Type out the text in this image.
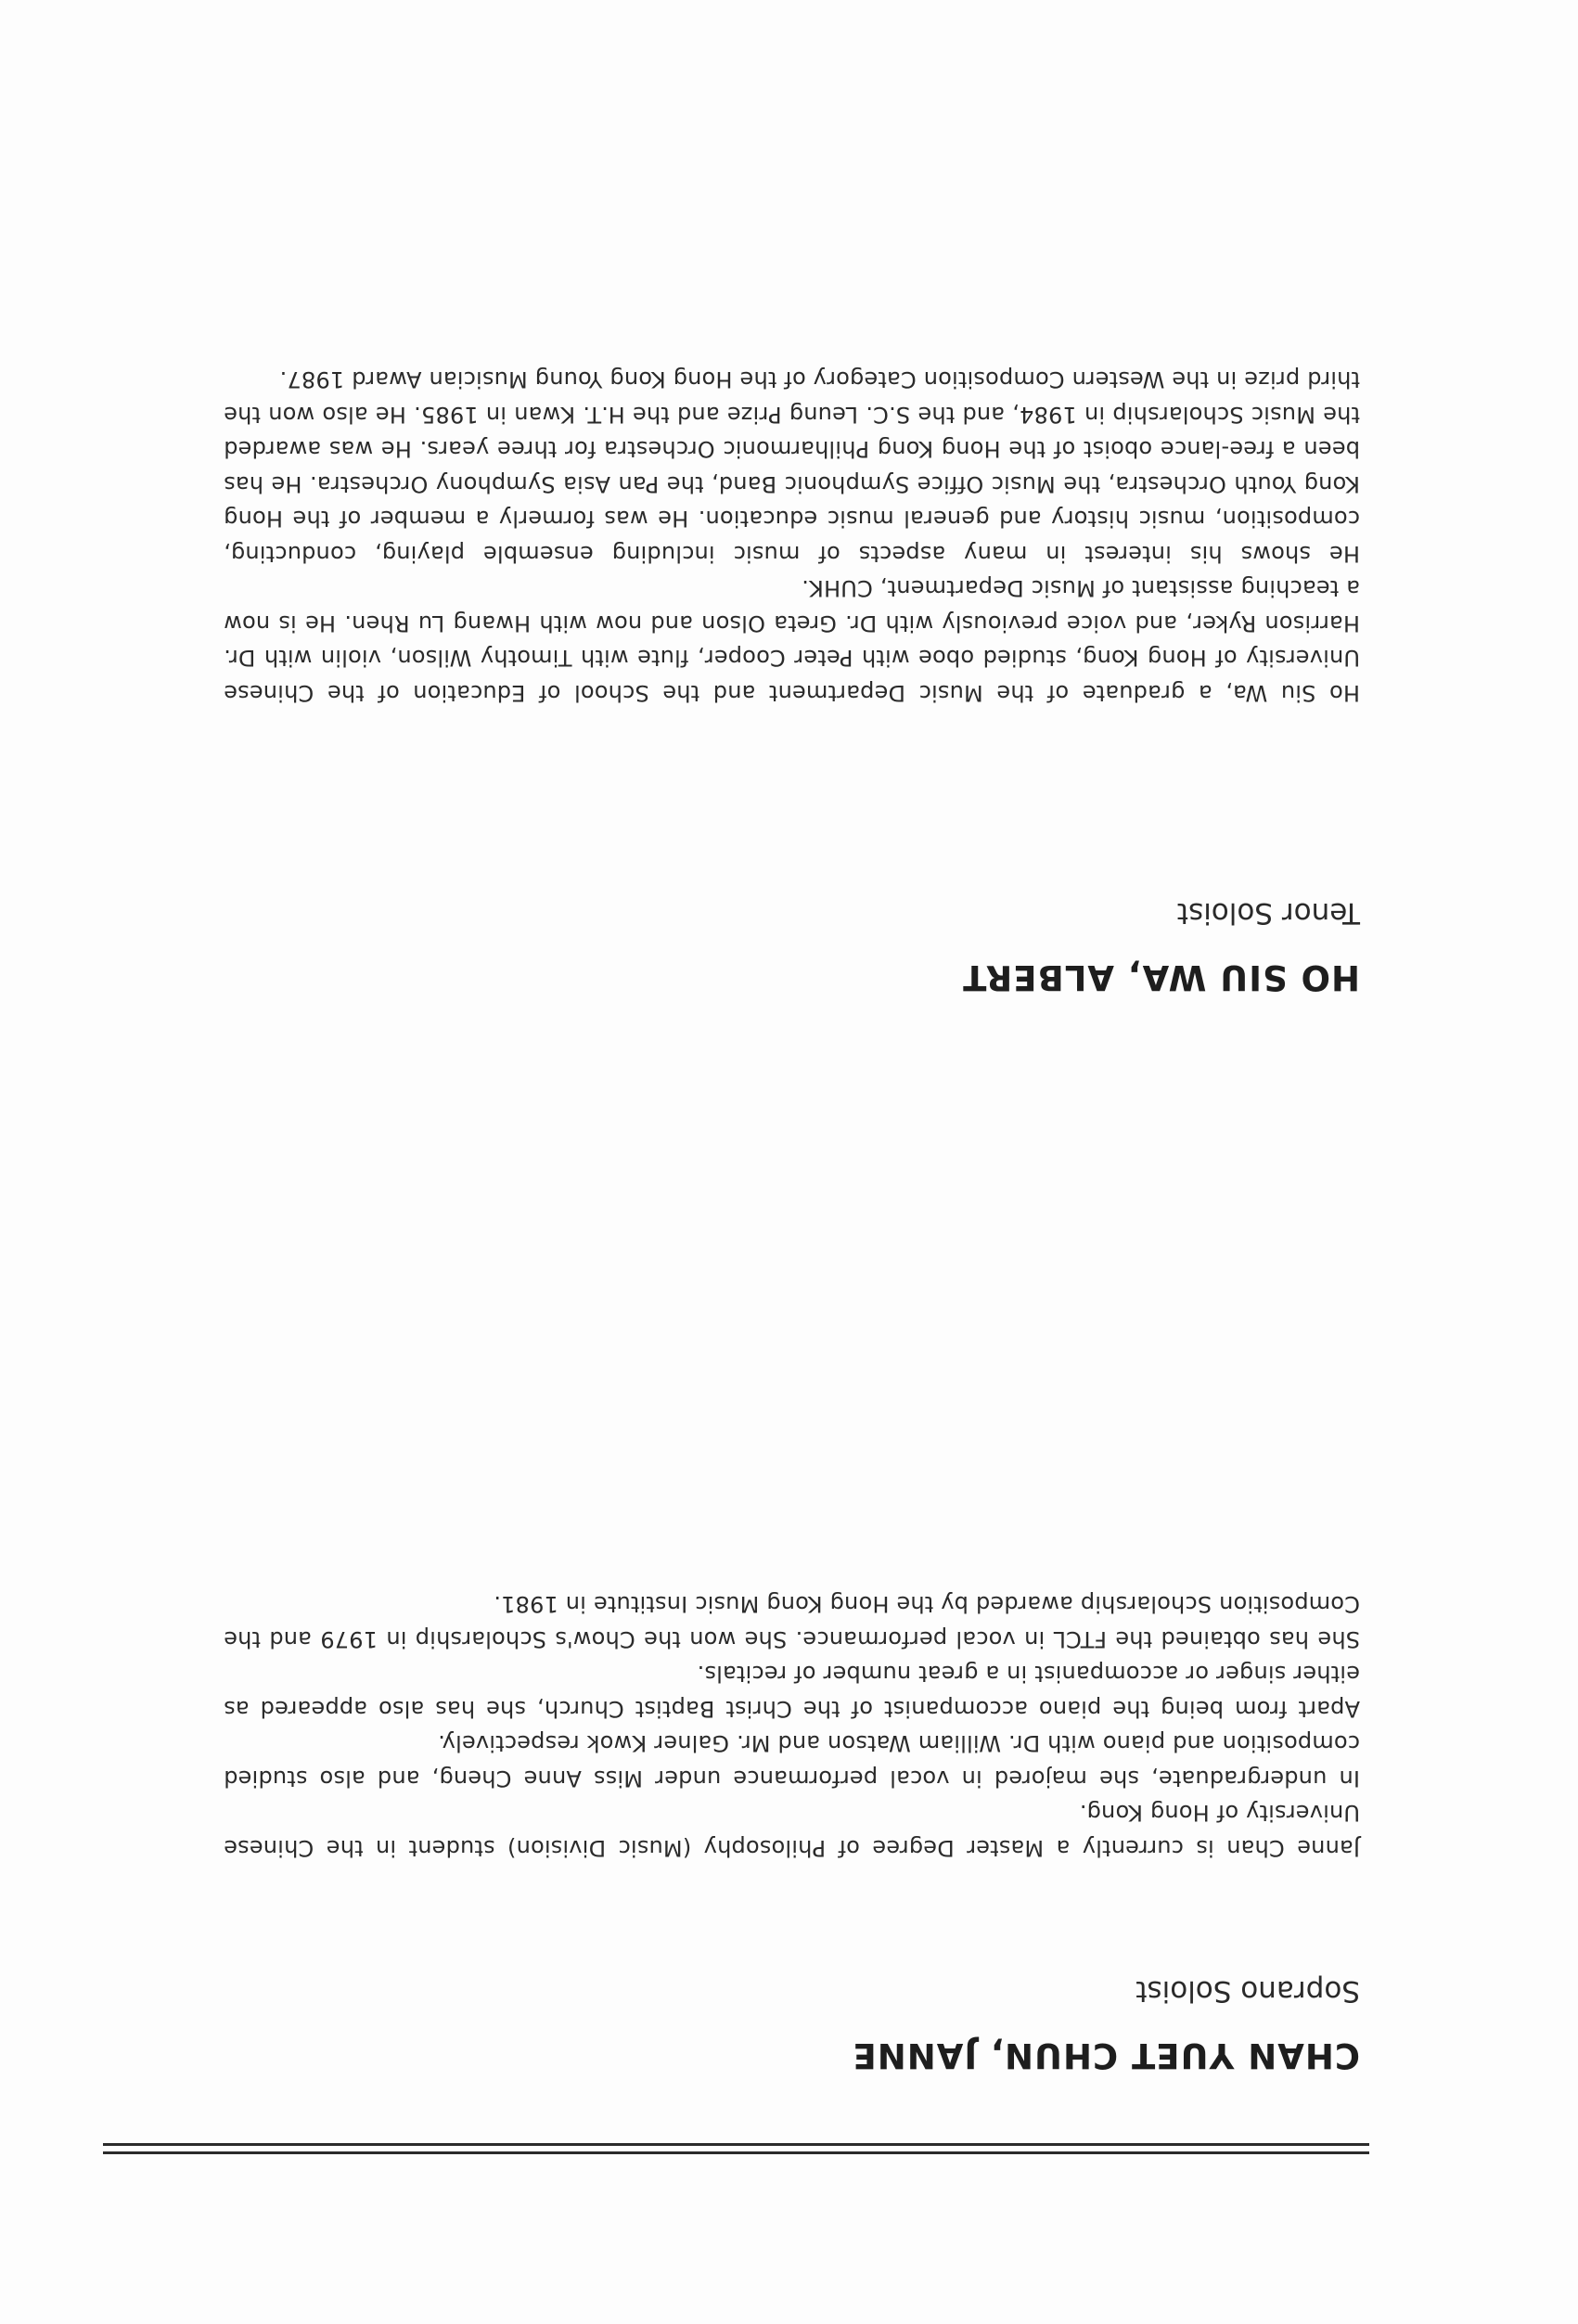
CHAN YUET CHUN, JANNE

Soprano Soloist

Janne Chan is currently a Master Degree of Philosophy (Music Division) student in the Chinese University of Hong Kong.

In undergraduate, she majored in vocal performance under Miss Anne Cheng, and also studied composition and piano with Dr. William Watson and Mr. Galner Kwok respectively.

Apart from being the piano accompanist of the Christ Baptist Church, she has also appeared as either singer or accompanist in a great number of recitals.

She has obtained the FTCL in vocal performance. She won the Chow's Scholarship in 1979 and the Composition Scholarship awarded by the Hong Kong Music Institute in 1981.

HO SIU WA, ALBERT

Tenor Soloist

Ho Siu Wa, a graduate of the Music Department and the School of Education of the Chinese University of Hong Kong, studied oboe with Peter Cooper, flute with Timothy Wilson, violin with Dr. Harrison Ryker, and voice previously with Dr. Greta Olson and now with Hwang Lu Rhen. He is now a teaching assistant of Music Department, CUHK.

He shows his interest in many aspects of music including ensemble playing, conducting, composition, music history and general music education. He was formerly a member of the Hong Kong Youth Orchestra, the Music Office Symphonic Band, the Pan Asia Symphony Orchestra. He has been a free-lance oboist of the Hong Kong Philharmonic Orchestra for three years. He was awarded the Music Scholarship in 1984, and the S.C. Leung Prize and the H.T. Kwan in 1985. He also won the third prize in the Western Composition Category of the Hong Kong Young Musician Award 1987.
